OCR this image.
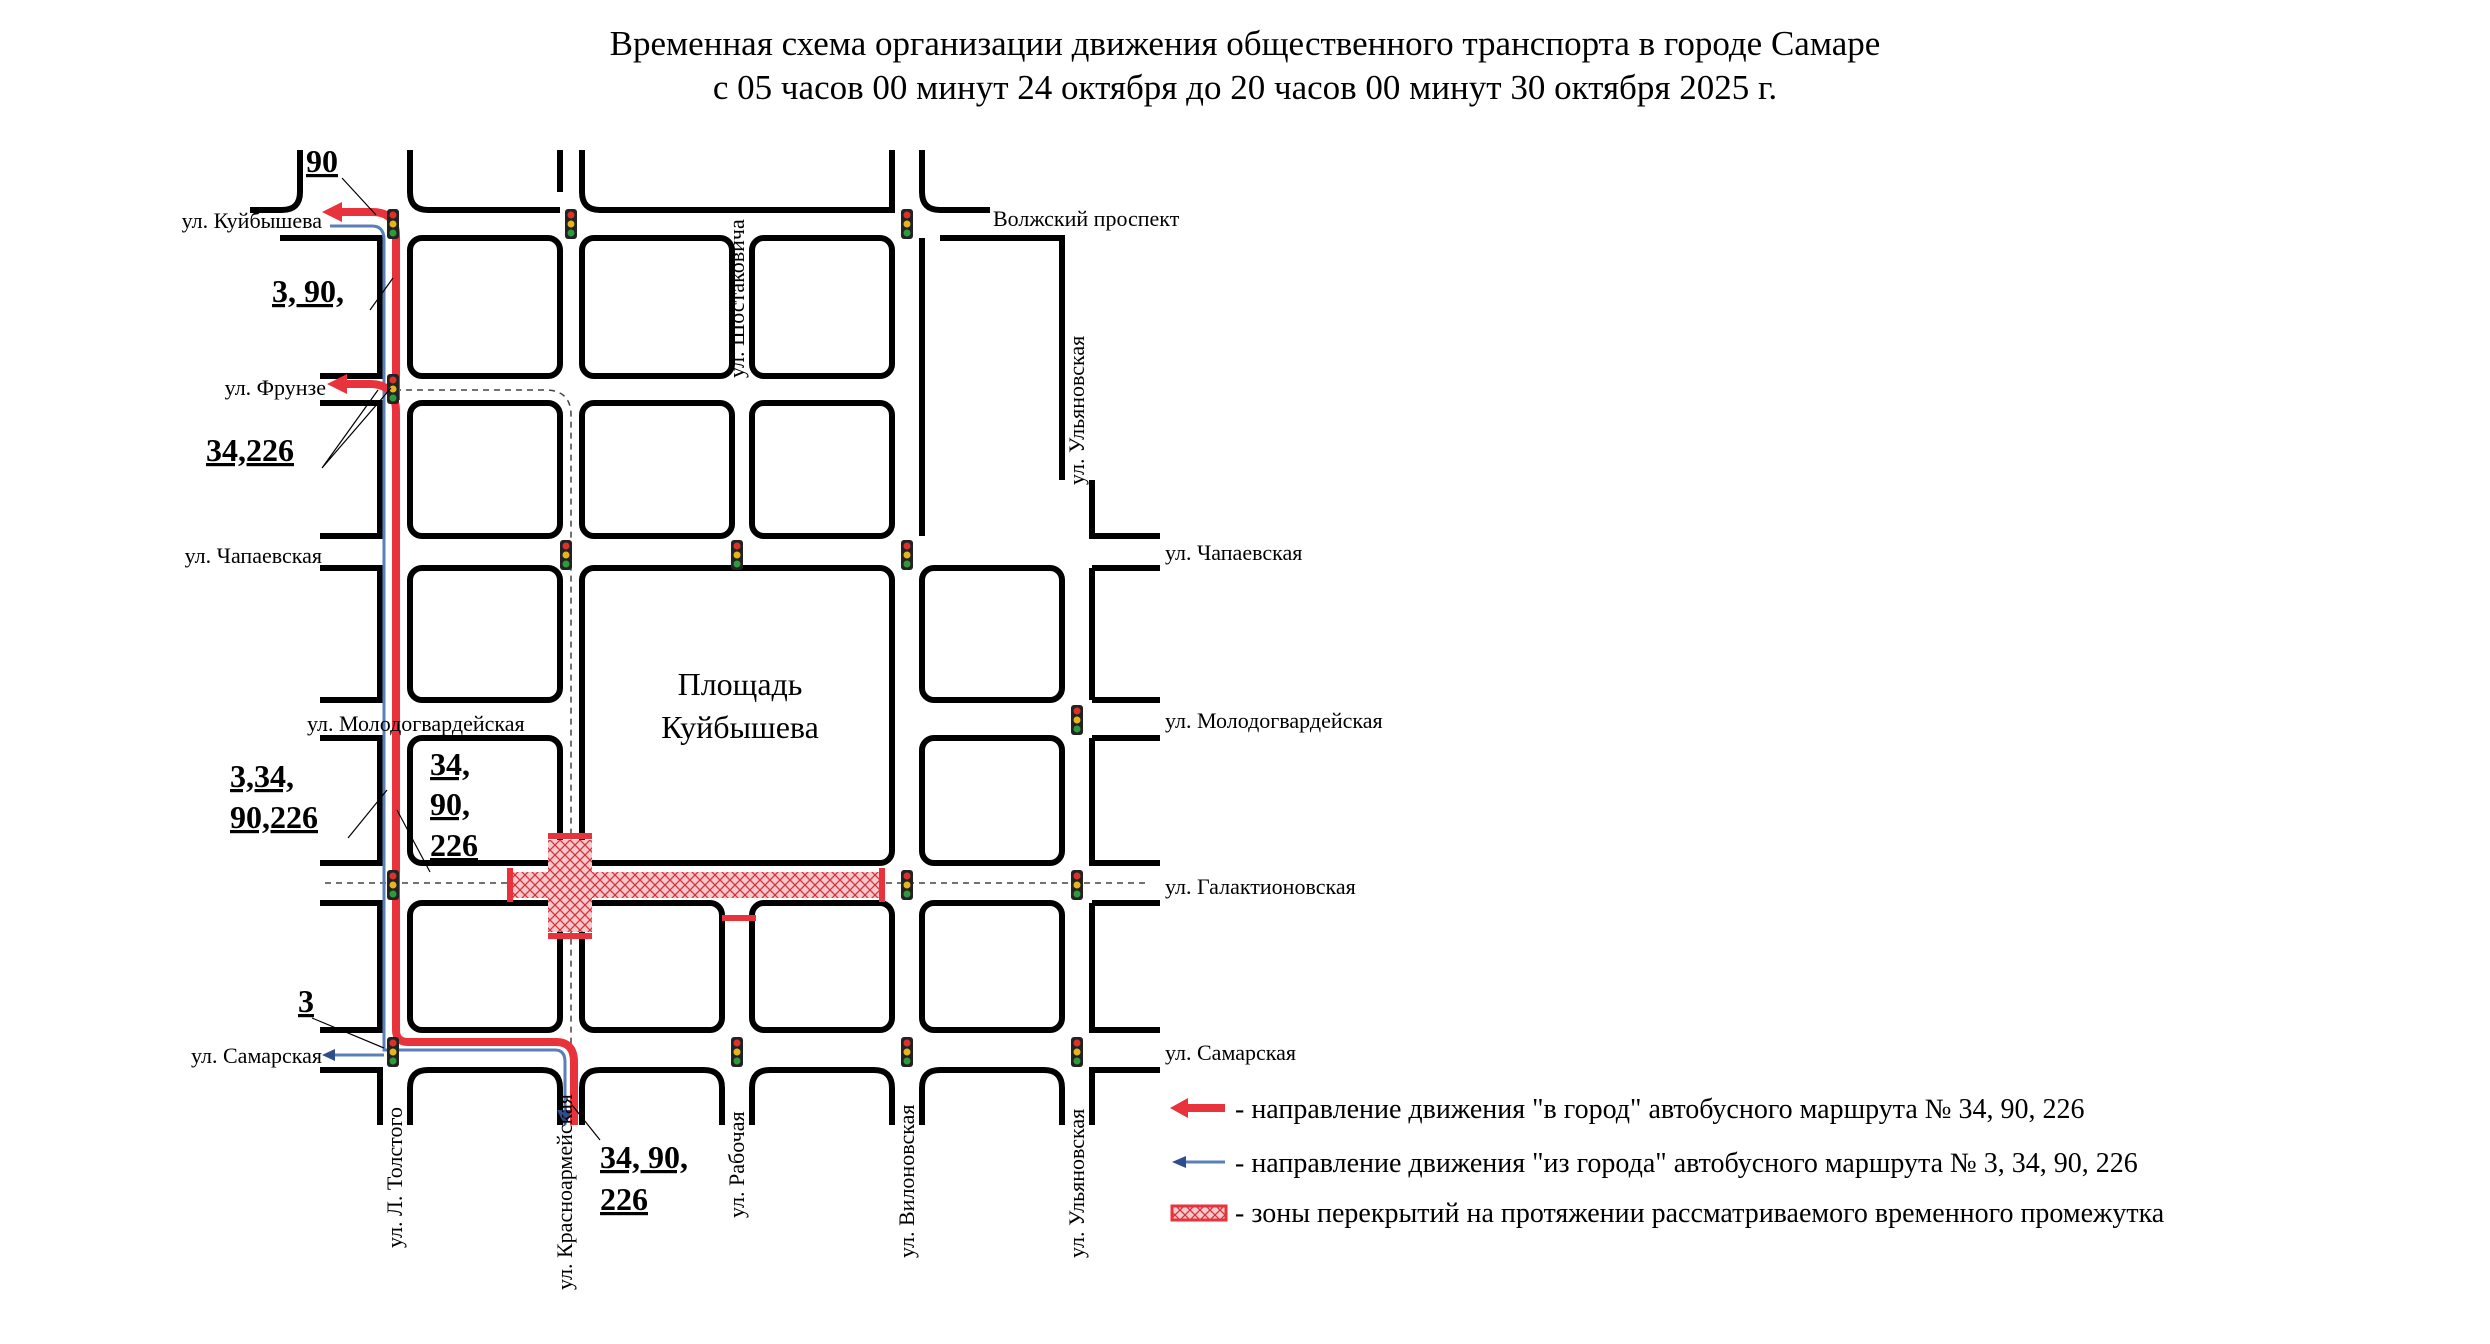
Временная схема организации движения общественного транспорта в городе Самаре
с 05 часов 00 минут 24 октября до 20 часов 00 минут 30 октября 2025 г.
ул. Куйбышева	Волжский проспект
ул. Фрунзе
ул. Чапаевская	ул. Чапаевская
ул. Молодогвардейская	ул. Молодогвардейская
ул. Галактионовская
ул. Самарская	ул. Самарская
ул. Шостаковича
ул. Ульяновская
ул. Л. Толстого	ул. Красноармейская	ул. Рабочая	ул. Вилоновская	ул. Ульяновская
Площадь
Куйбышева
90
3, 90,
34,226
3,34,
90,226
34,
90,
226
3
34, 90,
226
- направление движения "в город" автобусного маршрута № 34, 90, 226
- направление движения "из города" автобусного маршрута № 3, 34, 90, 226
- зоны перекрытий на протяжении рассматриваемого временного промежутка
